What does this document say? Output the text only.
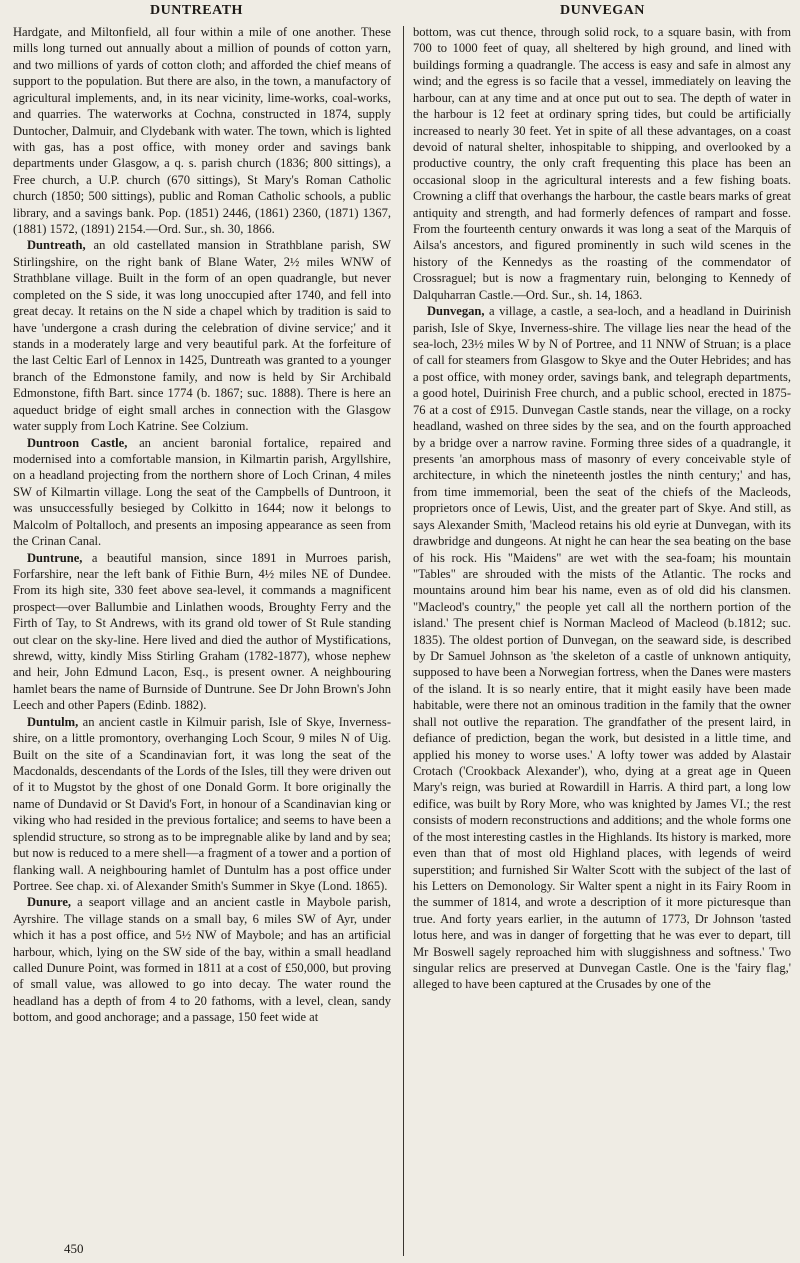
DUNTREATH	DUNVEGAN

Hardgate, and Miltonfield, all four within a mile of one another. These mills long turned out annually about a million of pounds of cotton yarn, and two millions of yards of cotton cloth; and afforded the chief means of support to the population. But there are also, in the town, a manufactory of agricultural implements, and, in its near vicinity, lime-works, coal-works, and quarries. The waterworks at Cochna, constructed in 1874, supply Duntocher, Dalmuir, and Clydebank with water. The town, which is lighted with gas, has a post office, with money order and savings bank departments under Glasgow, a q. s. parish church (1836; 800 sittings), a Free church, a U.P. church (670 sittings), St Mary's Roman Catholic church (1850; 500 sittings), public and Roman Catholic schools, a public library, and a savings bank. Pop. (1851) 2446, (1861) 2360, (1871) 1367, (1881) 1572, (1891) 2154.—Ord. Sur., sh. 30, 1866.

Duntreath, an old castellated mansion in Strathblane parish, SW Stirlingshire, on the right bank of Blane Water, 2½ miles WNW of Strathblane village. Built in the form of an open quadrangle, but never completed on the S side, it was long unoccupied after 1740, and fell into great decay. It retains on the N side a chapel which by tradition is said to have 'undergone a crash during the celebration of divine service;' and it stands in a moderately large and very beautiful park. At the forfeiture of the last Celtic Earl of Lennox in 1425, Duntreath was granted to a younger branch of the Edmonstone family, and now is held by Sir Archibald Edmonstone, fifth Bart. since 1774 (b. 1867; suc. 1888). There is here an aqueduct bridge of eight small arches in connection with the Glasgow water supply from Loch Katrine. See Colzium.

Duntroon Castle, an ancient baronial fortalice, repaired and modernised into a comfortable mansion, in Kilmartin parish, Argyllshire, on a headland projecting from the northern shore of Loch Crinan, 4 miles SW of Kilmartin village. Long the seat of the Campbells of Duntroon, it was unsuccessfully besieged by Colkitto in 1644; now it belongs to Malcolm of Poltalloch, and presents an imposing appearance as seen from the Crinan Canal.

Duntrune, a beautiful mansion, since 1891 in Murroes parish, Forfarshire, near the left bank of Fithie Burn, 4½ miles NE of Dundee. From its high site, 330 feet above sea-level, it commands a magnificent prospect—over Ballumbie and Linlathen woods, Broughty Ferry and the Firth of Tay, to St Andrews, with its grand old tower of St Rule standing out clear on the sky-line. Here lived and died the author of Mystifications, shrewd, witty, kindly Miss Stirling Graham (1782-1877), whose nephew and heir, John Edmund Lacon, Esq., is present owner. A neighbouring hamlet bears the name of Burnside of Duntrune. See Dr John Brown's John Leech and other Papers (Edinb. 1882).

Duntulm, an ancient castle in Kilmuir parish, Isle of Skye, Inverness-shire, on a little promontory, overhanging Loch Scour, 9 miles N of Uig. Built on the site of a Scandinavian fort, it was long the seat of the Macdonalds, descendants of the Lords of the Isles, till they were driven out of it to Mugstot by the ghost of one Donald Gorm. It bore originally the name of Dundavid or St David's Fort, in honour of a Scandinavian king or viking who had resided in the previous fortalice; and seems to have been a splendid structure, so strong as to be impregnable alike by land and by sea; but now is reduced to a mere shell—a fragment of a tower and a portion of flanking wall. A neighbouring hamlet of Duntulm has a post office under Portree. See chap. xi. of Alexander Smith's Summer in Skye (Lond. 1865).

Dunure, a seaport village and an ancient castle in Maybole parish, Ayrshire. The village stands on a small bay, 6 miles SW of Ayr, under which it has a post office, and 5½ NW of Maybole; and has an artificial harbour, which, lying on the SW side of the bay, within a small headland called Dunure Point, was formed in 1811 at a cost of £50,000, but proving of small value, was allowed to go into decay. The water round the headland has a depth of from 4 to 20 fathoms, with a level, clean, sandy bottom, and good anchorage; and a passage, 150 feet wide at

bottom, was cut thence, through solid rock, to a square basin, with from 700 to 1000 feet of quay, all sheltered by high ground, and lined with buildings forming a quadrangle. The access is easy and safe in almost any wind; and the egress is so facile that a vessel, immediately on leaving the harbour, can at any time and at once put out to sea. The depth of water in the harbour is 12 feet at ordinary spring tides, but could be artificially increased to nearly 30 feet. Yet in spite of all these advantages, on a coast devoid of natural shelter, inhospitable to shipping, and overlooked by a productive country, the only craft frequenting this place has been an occasional sloop in the agricultural interests and a few fishing boats. Crowning a cliff that overhangs the harbour, the castle bears marks of great antiquity and strength, and had formerly defences of rampart and fosse. From the fourteenth century onwards it was long a seat of the Marquis of Ailsa's ancestors, and figured prominently in such wild scenes in the history of the Kennedys as the roasting of the commendator of Crossraguel; but is now a fragmentary ruin, belonging to Kennedy of Dalquharran Castle.—Ord. Sur., sh. 14, 1863.

Dunvegan, a village, a castle, a sea-loch, and a headland in Duirinish parish, Isle of Skye, Inverness-shire. The village lies near the head of the sea-loch, 23½ miles W by N of Portree, and 11 NNW of Struan; is a place of call for steamers from Glasgow to Skye and the Outer Hebrides; and has a post office, with money order, savings bank, and telegraph departments, a good hotel, Duirinish Free church, and a public school, erected in 1875-76 at a cost of £915. Dunvegan Castle stands, near the village, on a rocky headland, washed on three sides by the sea, and on the fourth approached by a bridge over a narrow ravine. Forming three sides of a quadrangle, it presents 'an amorphous mass of masonry of every conceivable style of architecture, in which the nineteenth jostles the ninth century;' and has, from time immemorial, been the seat of the chiefs of the Macleods, proprietors once of Lewis, Uist, and the greater part of Skye. And still, as says Alexander Smith, 'Macleod retains his old eyrie at Dunvegan, with its drawbridge and dungeons. At night he can hear the sea beating on the base of his rock. His "Maidens" are wet with the sea-foam; his mountain "Tables" are shrouded with the mists of the Atlantic. The rocks and mountains around him bear his name, even as of old did his clansmen. "Macleod's country," the people yet call all the northern portion of the island.' The present chief is Norman Macleod of Macleod (b.1812; suc. 1835). The oldest portion of Dunvegan, on the seaward side, is described by Dr Samuel Johnson as 'the skeleton of a castle of unknown antiquity, supposed to have been a Norwegian fortress, when the Danes were masters of the island. It is so nearly entire, that it might easily have been made habitable, were there not an ominous tradition in the family that the owner shall not outlive the reparation. The grandfather of the present laird, in defiance of prediction, began the work, but desisted in a little time, and applied his money to worse uses.' A lofty tower was added by Alastair Crotach ('Crookback Alexander'), who, dying at a great age in Queen Mary's reign, was buried at Rowardill in Harris. A third part, a long low edifice, was built by Rory More, who was knighted by James VI.; the rest consists of modern reconstructions and additions; and the whole forms one of the most interesting castles in the Highlands. Its history is marked, more even than that of most old Highland places, with legends of weird superstition; and furnished Sir Walter Scott with the subject of the last of his Letters on Demonology. Sir Walter spent a night in its Fairy Room in the summer of 1814, and wrote a description of it more picturesque than true. And forty years earlier, in the autumn of 1773, Dr Johnson 'tasted lotus here, and was in danger of forgetting that he was ever to depart, till Mr Boswell sagely reproached him with sluggishness and softness.' Two singular relics are preserved at Dunvegan Castle. One is the 'fairy flag,' alleged to have been captured at the Crusades by one of the

450
